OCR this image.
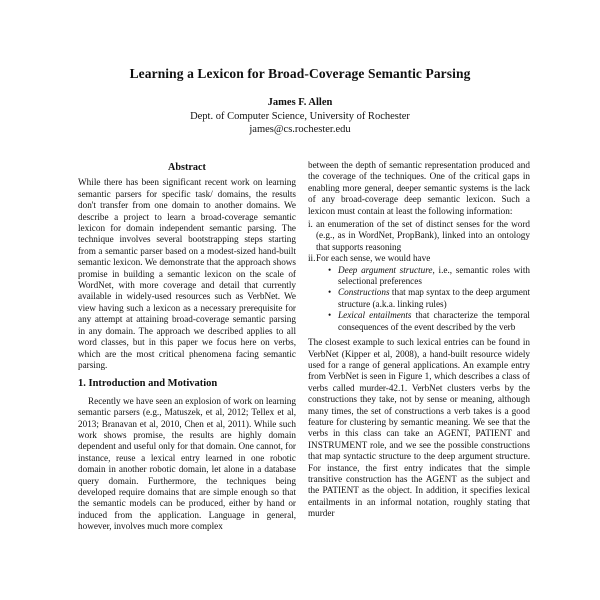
Learning a Lexicon for Broad-Coverage Semantic Parsing
James F. Allen
Dept. of Computer Science, University of Rochester
james@cs.rochester.edu
Abstract

While there has been significant recent work on learning semantic parsers for specific task/ domains, the results don't transfer from one domain to another domains. We describe a project to learn a broad-coverage semantic lexicon for domain independent semantic parsing. The technique involves several bootstrapping steps starting from a semantic parser based on a modest-sized hand-built semantic lexicon. We demonstrate that the approach shows promise in building a semantic lexicon on the scale of WordNet, with more coverage and detail that currently available in widely-used resources such as VerbNet. We view having such a lexicon as a necessary prerequisite for any attempt at attaining broad-coverage semantic parsing in any domain. The approach we described applies to all word classes, but in this paper we focus here on verbs, which are the most critical phenomena facing semantic parsing.

1. Introduction and Motivation

Recently we have seen an explosion of work on learning semantic parsers (e.g., Matuszek, et al, 2012; Tellex et al, 2013; Branavan et al, 2010, Chen et al, 2011). While such work shows promise, the results are highly domain dependent and useful only for that domain. One cannot, for instance, reuse a lexical entry learned in one robotic domain in another robotic domain, let alone in a database query domain. Furthermore, the techniques being developed require domains that are simple enough so that the semantic models can be produced, either by hand or induced from the application. Language in general, however, involves much more complex

between the depth of semantic representation produced and the coverage of the techniques. One of the critical gaps in enabling more general, deeper semantic systems is the lack of any broad-coverage deep semantic lexicon. Such a lexicon must contain at least the following information:

i. an enumeration of the set of distinct senses for the word (e.g., as in WordNet, PropBank), linked into an ontology that supports reasoning
ii. For each sense, we would have
• Deep argument structure, i.e., semantic roles with selectional preferences
• Constructions that map syntax to the deep argument structure (a.k.a. linking rules)
• Lexical entailments that characterize the temporal consequences of the event described by the verb

The closest example to such lexical entries can be found in VerbNet (Kipper et al, 2008), a hand-built resource widely used for a range of general applications. An example entry from VerbNet is seen in Figure 1, which describes a class of verbs called murder-42.1. VerbNet clusters verbs by the constructions they take, not by sense or meaning, although many times, the set of constructions a verb takes is a good feature for clustering by semantic meaning. We see that the verbs in this class can take an AGENT, PATIENT and INSTRUMENT role, and we see the possible constructions that map syntactic structure to the deep argument structure. For instance, the first entry indicates that the simple transitive construction has the AGENT as the subject and the PATIENT as the object. In addition, it specifies lexical entailments in an informal notation, roughly stating that murder
